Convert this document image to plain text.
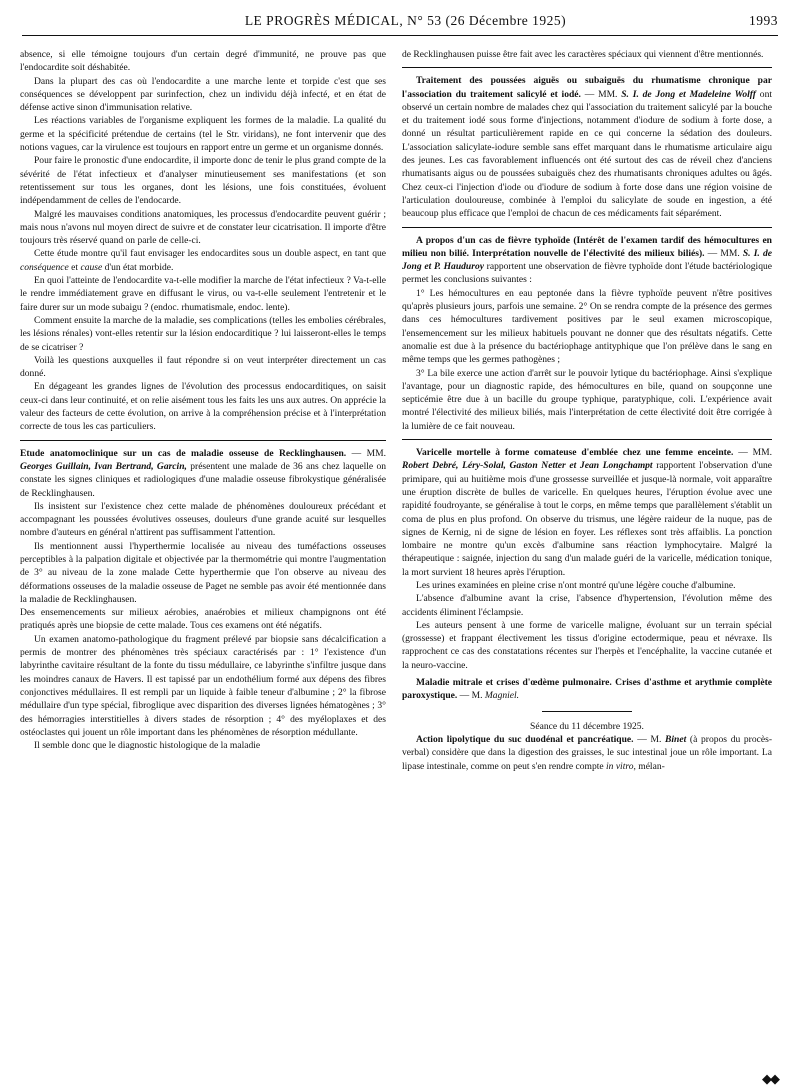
LE PROGRÈS MÉDICAL, N° 53 (26 Décembre 1925)	1993

absence, si elle témoigne toujours d'un certain degré d'immunité, ne prouve pas que l'endocardite soit déshabitée.

Dans la plupart des cas où l'endocardite a une marche lente et torpide c'est que ses conséquences se développent par surinfection, chez un individu déjà infecté, et en état de défense active sinon d'immunisation relative.

Les réactions variables de l'organisme expliquent les formes de la maladie. La qualité du germe et la spécificité prétendue de certains (tel le Str. viridans), ne font intervenir que des notions vagues, car la virulence est toujours en rapport entre un germe et un organisme donnés.

Pour faire le pronostic d'une endocardite, il importe donc de tenir le plus grand compte de la sévérité de l'état infectieux et d'analyser minutieusement ses manifestations (et son retentissement sur tous les organes, dont les lésions, une fois constituées, évoluent indépendamment de celles de l'endocarde.

Malgré les mauvaises conditions anatomiques, les processus d'endocardite peuvent guérir ; mais nous n'avons nul moyen direct de suivre et de constater leur cicatrisation. Il importe d'être toujours très réservé quand on parle de celle-ci.

Cette étude montre qu'il faut envisager les endocardites sous un double aspect, en tant que conséquence et cause d'un état morbide.

En quoi l'atteinte de l'endocardite va-t-elle modifier la marche de l'état infectieux ? Va-t-elle le rendre immédiatement grave en diffusant le virus, ou va-t-elle seulement l'entretenir et le faire durer sur un mode subaigu ? (endoc. rhumatismale, endoc. lente).

Comment ensuite la marche de la maladie, ses complications (telles les embolies cérébrales, les lésions rénales) vont-elles retentir sur la lésion endocarditique ? lui laisseront-elles le temps de se cicatriser ?

Voilà les questions auxquelles il faut répondre si on veut interpréter directement un cas donné.

En dégageant les grandes lignes de l'évolution des processus endocarditiques, on saisit ceux-ci dans leur continuité, et on relie aisément tous les faits les uns aux autres. On apprécie la valeur des facteurs de cette évolution, on arrive à la compréhension précise et à l'interprétation correcte de tous les cas particuliers.

Etude anatomoclinique sur un cas de maladie osseuse de Recklinghausen. — MM. Georges Guillain, Ivan Bertrand, Garcin, présentent une malade de 36 ans chez laquelle on constate les signes cliniques et radiologiques d'une maladie osseuse fibrokystique généralisée de Recklinghausen.

Ils insistent sur l'existence chez cette malade de phénomènes douloureux précédant et accompagnant les poussées évolutives osseuses, douleurs d'une grande acuité sur lesquelles nombre d'auteurs en général n'attirent pas suffisamment l'attention.

Ils mentionnent aussi l'hyperthermie localisée au niveau des tuméfactions osseuses perceptibles à la palpation digitale et objectivée par la thermométrie qui montre l'augmentation de 3° au niveau de la zone malade Cette hyperthermie que l'on observe au niveau des déformations osseuses de la maladie osseuse de Paget ne semble pas avoir été mentionnée dans la maladie de Recklinghausen.

Des ensemencements sur milieux aérobies, anaérobies et milieux champignons ont été pratiqués après une biopsie de cette malade. Tous ces examens ont été négatifs.

Un examen anatomo-pathologique du fragment prélevé par biopsie sans décalcification a permis de montrer des phénomènes très spéciaux caractérisés par : 1° l'existence d'un labyrinthe cavitaire résultant de la fonte du tissu médullaire, ce labyrinthe s'infiltre jusque dans les moindres canaux de Havers. Il est tapissé par un endothélium formé aux dépens des fibres conjonctives médullaires. Il est rempli par un liquide à faible teneur d'albumine ; 2° la fibrose médullaire d'un type spécial, fibroglique avec disparition des diverses lignées hématogènes ; 3° des hémorragies interstitielles à divers stades de résorption ; 4° des myéloplaxes et des ostéoclastes qui jouent un rôle important dans les phénomènes de résorption médullante.

Il semble donc que le diagnostic histologique de la maladie

de Recklinghausen puisse être fait avec les caractères spéciaux qui viennent d'être mentionnés.

Traitement des poussées aiguës ou subaiguës du rhumatisme chronique par l'association du traitement salicylé et iodé. — MM. S. I. de Jong et Madeleine Wolff ont observé un certain nombre de malades chez qui l'association du traitement salicylé par la bouche et du traitement iodé sous forme d'injections, notamment d'iodure de sodium à forte dose, a donné un résultat particulièrement rapide en ce qui concerne la sédation des douleurs. L'association salicylate-iodure semble sans effet marquant dans le rhumatisme articulaire aigu des jeunes. Les cas favorablement influencés ont été surtout des cas de réveil chez d'anciens rhumatisants aigus ou de poussées subaiguës chez des rhumatisants chroniques adultes ou âgés. Chez ceux-ci l'injection d'iode ou d'iodure de sodium à forte dose dans une région voisine de l'articulation douloureuse, combinée à l'emploi du salicylate de soude en ingestion, a été beaucoup plus efficace que l'emploi de chacun de ces médicaments fait séparément.

A propos d'un cas de fièvre typhoïde (Intérêt de l'examen tardif des hémocultures en milieu non bilié. Interprétation nouvelle de l'électivité des milieux biliés). — MM. S. I. de Jong et P. Hauduroy rapportent une observation de fièvre typhoïde dont l'étude bactériologique permet les conclusions suivantes :

1° Les hémocultures en eau peptonée dans la fièvre typhoïde peuvent n'être positives qu'après plusieurs jours, parfois une semaine. 2° On se rendra compte de la présence des germes dans ces hémocultures tardivement positives par le seul examen microscopique, l'ensemencement sur les milieux habituels pouvant ne donner que des résultats négatifs. Cette anomalie est due à la présence du bactériophage antityphique que l'on prélève dans le sang en même temps que les germes pathogènes ;

3° La bile exerce une action d'arrêt sur le pouvoir lytique du bactériophage. Ainsi s'explique l'avantage, pour un diagnostic rapide, des hémocultures en bile, quand on soupçonne une septicémie être due à un bacille du groupe typhique, paratyphique, coli. L'expérience avait montré l'électivité des milieux biliés, mais l'interprétation de cette électivité doit être corrigée à la lumière de ce fait nouveau.

Varicelle mortelle à forme comateuse d'emblée chez une femme enceinte. — MM. Robert Debré, Léry-Solal, Gaston Netter et Jean Longchampt rapportent l'observation d'une primipare, qui au huitième mois d'une grossesse surveillée et jusque-là normale, voit apparaître une éruption discrète de bulles de varicelle. En quelques heures, l'éruption évolue avec une rapidité foudroyante, se généralise à tout le corps, en même temps que parallèlement s'établit un coma de plus en plus profond. On observe du trismus, une légère raideur de la nuque, pas de signes de Kernig, ni de signe de lésion en foyer. Les réflexes sont très affaiblis. La ponction lombaire ne montre qu'un excès d'albumine sans réaction lymphocytaire. Malgré la thérapeutique : saignée, injection du sang d'un malade guéri de la varicelle, médication tonique, la mort survient 18 heures après l'éruption.

Les urines examinées en pleine crise n'ont montré qu'une légère couche d'albumine.

L'absence d'albumine avant la crise, l'absence d'hypertension, l'évolution même des accidents éliminent l'éclampsie.

Les auteurs pensent à une forme de varicelle maligne, évoluant sur un terrain spécial (grossesse) et frappant électivement les tissus d'origine ectodermique, peau et névraxe. Ils rapprochent ce cas des constatations récentes sur l'herpès et l'encéphalite, la vaccine cutanée et la neuro-vaccine.

Maladie mitrale et crises d'œdème pulmonaire. Crises d'asthme et arythmie complète paroxystique. — M. Magniel.

Séance du 11 décembre 1925.

Action lipolytique du suc duodénal et pancréatique. — M. Binet (à propos du procès-verbal) considère que dans la digestion des graisses, le suc intestinal joue un rôle important. La lipase intestinale, comme on peut s'en rendre compte in vitro, mélan-

◆◆
